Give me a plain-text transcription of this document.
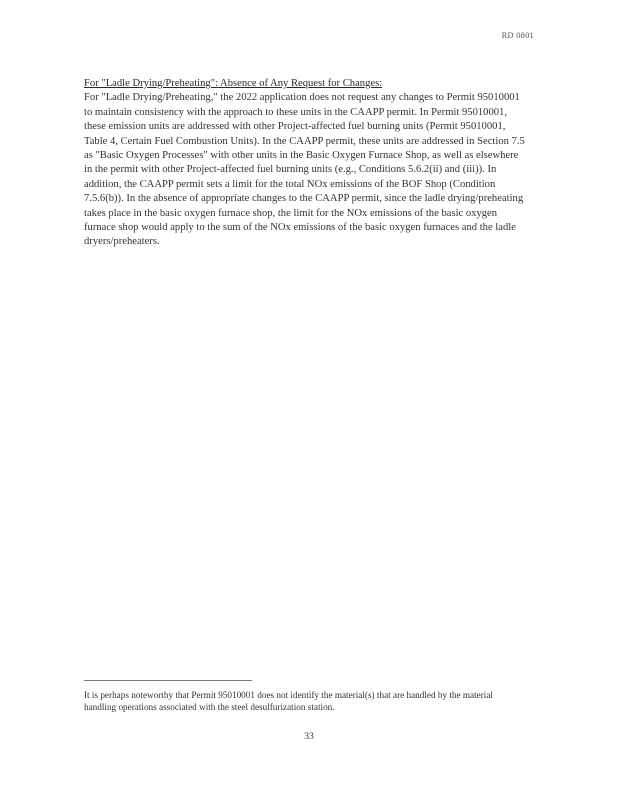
RD 0801
For "Ladle Drying/Preheating": Absence of Any Request for Changes:

For "Ladle Drying/Preheating," the 2022 application does not request any changes to Permit 95010001 to maintain consistency with the approach to these units in the CAAPP permit. In Permit 95010001, these emission units are addressed with other Project-affected fuel burning units (Permit 95010001, Table 4, Certain Fuel Combustion Units). In the CAAPP permit, these units are addressed in Section 7.5 as "Basic Oxygen Processes" with other units in the Basic Oxygen Furnace Shop, as well as elsewhere in the permit with other Project-affected fuel burning units (e.g., Conditions 5.6.2(ii) and (iii)). In addition, the CAAPP permit sets a limit for the total NOx emissions of the BOF Shop (Condition 7.5.6(b)). In the absence of appropriate changes to the CAAPP permit, since the ladle drying/preheating takes place in the basic oxygen furnace shop, the limit for the NOx emissions of the basic oxygen furnace shop would apply to the sum of the NOx emissions of the basic oxygen furnaces and the ladle dryers/preheaters.

It is perhaps noteworthy that Permit 95010001 does not identify the material(s) that are handled by the material handling operations associated with the steel desulfurization station.
33
